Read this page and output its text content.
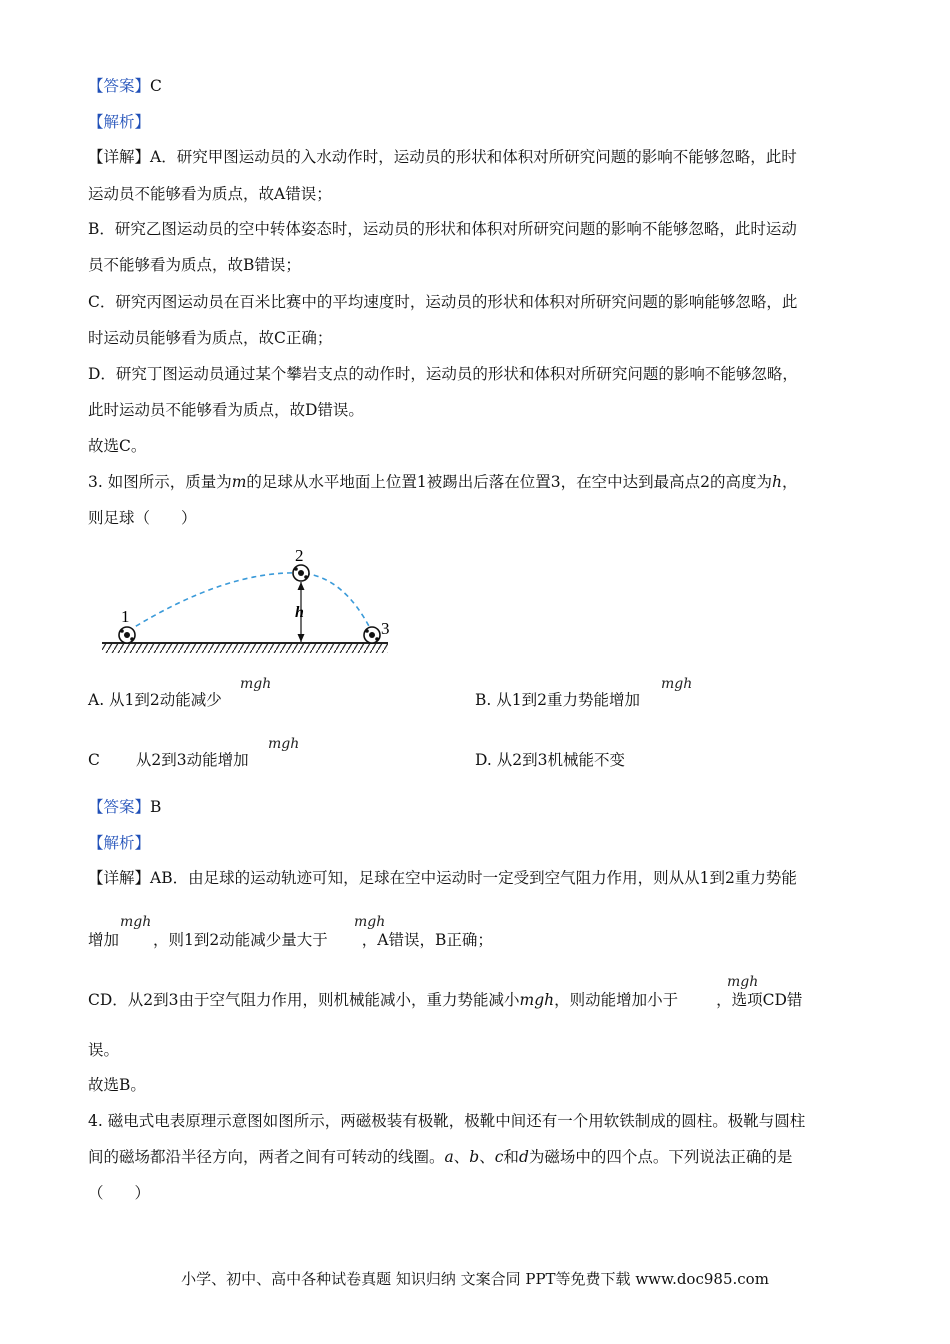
【答案】C
【解析】
【详解】A．研究甲图运动员的入水动作时，运动员的形状和体积对所研究问题的影响不能够忽略，此时
运动员不能够看为质点，故A错误；
B．研究乙图运动员的空中转体姿态时，运动员的形状和体积对所研究问题的影响不能够忽略，此时运动
员不能够看为质点，故B错误；
C．研究丙图运动员在百米比赛中的平均速度时，运动员的形状和体积对所研究问题的影响能够忽略，此
时运动员能够看为质点，故C正确；
D．研究丁图运动员通过某个攀岩支点的动作时，运动员的形状和体积对所研究问题的影响不能够忽略，
此时运动员不能够看为质点，故D错误。
故选C。
3. 如图所示，质量为m的足球从水平地面上位置1被踢出后落在位置3，在空中达到最高点2的高度为h，
则足球（　　）
1
2
3
h
A. 从1到2动能减少
mgh
B. 从1到2重力势能增加
mgh
C 从2到3动能增加
mgh
D. 从2到3机械能不变
【答案】B
【解析】
【详解】AB．由足球的运动轨迹可知，足球在空中运动时一定受到空气阻力作用，则从从1到2重力势能
增加 ，则1到2动能减少量大于 ，A错误，B正确；
mgh	mgh
CD．从2到3由于空气阻力作用，则机械能减小，重力势能减小mgh，则动能增加小于 ，选项CD错
mgh
误。
故选B。
4. 磁电式电表原理示意图如图所示，两磁极装有极靴，极靴中间还有一个用软铁制成的圆柱。极靴与圆柱
间的磁场都沿半径方向，两者之间有可转动的线圈。a、b、c和d为磁场中的四个点。下列说法正确的是
（　　）
小学、初中、高中各种试卷真题 知识归纳 文案合同 PPT等免费下载 www.doc985.com
